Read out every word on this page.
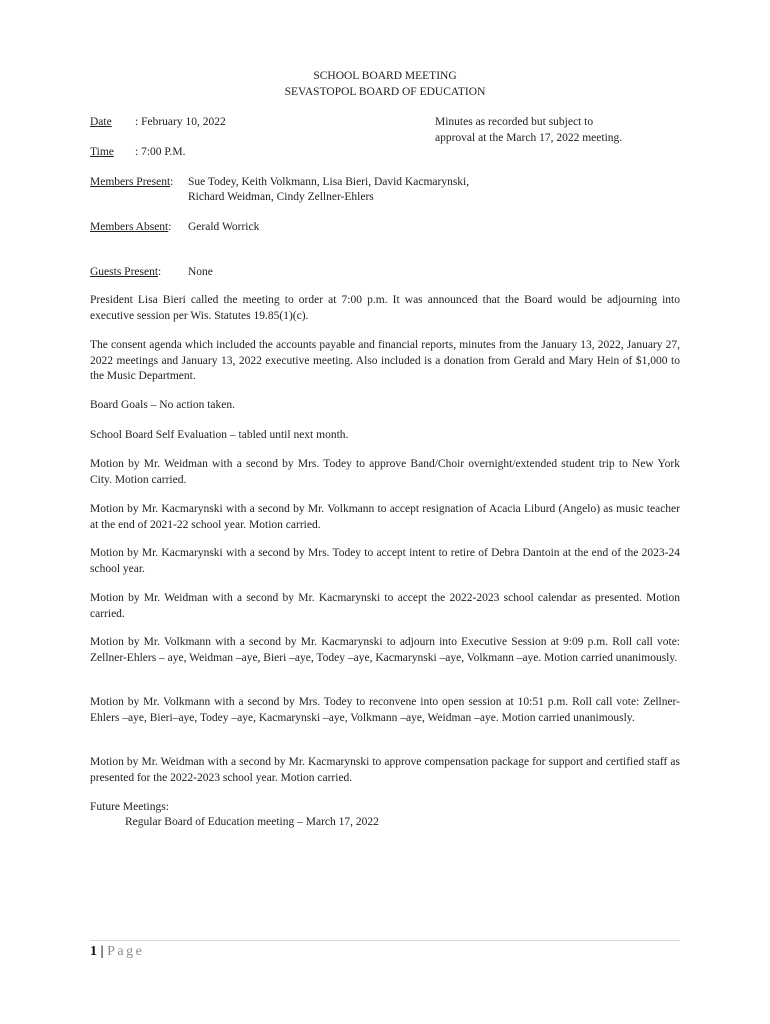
SCHOOL BOARD MEETING
SEVASTOPOL BOARD OF EDUCATION
Date : February 10, 2022	Minutes as recorded but subject to
approval at the March 17, 2022 meeting.
Time : 7:00 P.M.
Members Present: Sue Todey, Keith Volkmann, Lisa Bieri, David Kacmarynski,
Richard Weidman, Cindy Zellner-Ehlers
Members Absent: Gerald Worrick
Guests Present: None
President Lisa Bieri called the meeting to order at 7:00 p.m. It was announced that the Board would be adjourning into executive session per Wis. Statutes 19.85(1)(c).
The consent agenda which included the accounts payable and financial reports, minutes from the January 13, 2022, January 27, 2022 meetings and January 13, 2022 executive meeting. Also included is a donation from Gerald and Mary Hein of $1,000 to the Music Department.
Board Goals – No action taken.
School Board Self Evaluation – tabled until next month.
Motion by Mr. Weidman with a second by Mrs. Todey to approve Band/Choir overnight/extended student trip to New York City. Motion carried.
Motion by Mr. Kacmarynski with a second by Mr. Volkmann to accept resignation of Acacia Liburd (Angelo) as music teacher at the end of 2021-22 school year. Motion carried.
Motion by Mr. Kacmarynski with a second by Mrs. Todey to accept intent to retire of Debra Dantoin at the end of the 2023-24 school year.
Motion by Mr. Weidman with a second by Mr. Kacmarynski to accept the 2022-2023 school calendar as presented. Motion carried.
Motion by Mr. Volkmann with a second by Mr. Kacmarynski to adjourn into Executive Session at 9:09 p.m. Roll call vote: Zellner-Ehlers – aye, Weidman –aye, Bieri –aye, Todey –aye, Kacmarynski –aye, Volkmann –aye. Motion carried unanimously.
Motion by Mr. Volkmann with a second by Mrs. Todey to reconvene into open session at 10:51 p.m. Roll call vote: Zellner-Ehlers –aye, Bieri–aye, Todey –aye, Kacmarynski –aye, Volkmann –aye, Weidman –aye. Motion carried unanimously.
Motion by Mr. Weidman with a second by Mr. Kacmarynski to approve compensation package for support and certified staff as presented for the 2022-2023 school year. Motion carried.
Future Meetings:
Regular Board of Education meeting – March 17, 2022
1 | Page
